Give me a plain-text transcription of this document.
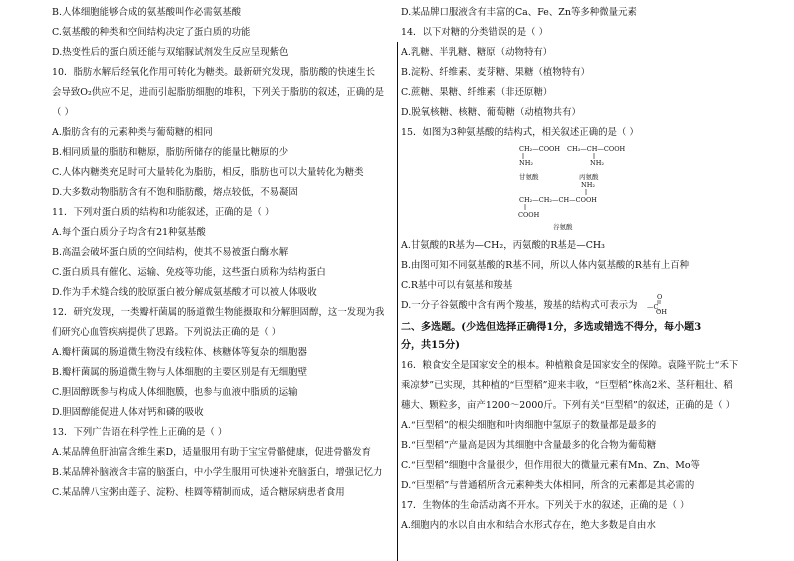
B.人体细胞能够合成的氨基酸叫作必需氨基酸
C.氨基酸的种类和空间结构决定了蛋白质的功能
D.热变性后的蛋白质还能与双缩脲试剂发生反应呈现紫色
10．脂肪水解后经氧化作用可转化为糖类。最新研究发现，脂肪酸的快速生长
会导致O₂供应不足，进而引起脂肪细胞的堆积，下列关于脂肪的叙述，正确的是
（ ）
A.脂肪含有的元素种类与葡萄糖的相同
B.相同质量的脂肪和糖原，脂肪所储存的能量比糖原的少
C.人体内糖类充足时可大量转化为脂肪，相反，脂肪也可以大量转化为糖类
D.大多数动物脂肪含有不饱和脂肪酸，熔点较低，不易凝固
11．下列对蛋白质的结构和功能叙述，正确的是（ ）
A.每个蛋白质分子均含有21种氨基酸
B.高温会破坏蛋白质的空间结构，使其不易被蛋白酶水解
C.蛋白质具有催化、运输、免疫等功能，这些蛋白质称为结构蛋白
D.作为手术缝合线的胶原蛋白被分解成氨基酸才可以被人体吸收
12．研究发现，一类瓣杆菌属的肠道微生物能摄取和分解胆固醇，这一发现为我
们研究心血管疾病提供了思路。下列说法正确的是（ ）
A.瓣杆菌属的肠道微生物没有线粒体、核糖体等复杂的细胞器
B.瓣杆菌属的肠道微生物与人体细胞的主要区别是有无细胞壁
C.胆固醇既参与构成人体细胞膜，也参与血液中脂质的运输
D.胆固醇能促进人体对钙和磷的吸收
13．下列广告语在科学性上正确的是（ ）
A.某品牌鱼肝油富含维生素D，适量服用有助于宝宝骨骼健康，促进骨骼发育
B.某品牌补脑液含丰富的脑蛋白，中小学生服用可快速补充脑蛋白，增强记忆力
C.某品牌八宝粥由莲子、淀粉、桂圆等精制而成，适合糖尿病患者食用
CH₂—COOH
NH₂
甘氨酸
CH₃—CH—COOH
NH₂
丙氨酸
NH₂
CH₂—CH₂—CH—COOH
COOH
谷氨酸
O
—C
OH
D.某品牌口服液含有丰富的Ca、Fe、Zn等多种微量元素
14．以下对糖的分类错误的是（ ）
A.乳糖、半乳糖、糖原（动物特有）
B.淀粉、纤维素、麦芽糖、果糖（植物特有）
C.蔗糖、果糖、纤维素（非还原糖）
D.脱氧核糖、核糖、葡萄糖（动植物共有）
15．如图为3种氨基酸的结构式，相关叙述正确的是（ ）
A.甘氨酸的R基为—CH₂，丙氨酸的R基是—CH₃
B.由图可知不同氨基酸的R基不同，所以人体内氨基酸的R基有上百种
C.R基中可以有氨基和羧基
D.一分子谷氨酸中含有两个羧基，羧基的结构式可表示为
二、多选题。(少选但选择正确得1分，多选或错选不得分，每小题3
分，共15分)
16．粮食安全是国家安全的根本。种植粮食是国家安全的保障。袁隆平院士“禾下
乘凉梦”已实现，其种植的“巨型稻”迎来丰收，“巨型稻”株高2米、茎秆粗壮、稻
穗大、颗粒多，亩产1200～2000斤。下列有关“巨型稻”的叙述，正确的是（ ）
A.“巨型稻”的根尖细胞和叶肉细胞中氢原子的数量都是最多的
B.“巨型稻”产量高是因为其细胞中含量最多的化合物为葡萄糖
C.“巨型稻”细胞中含量很少，但作用很大的微量元素有Mn、Zn、Mo等
D.“巨型稻”与普通稻所含元素种类大体相同，所含的元素都是其必需的
17．生物体的生命活动离不开水。下列关于水的叙述，正确的是（ ）
A.细胞内的水以自由水和结合水形式存在，绝大多数是自由水
